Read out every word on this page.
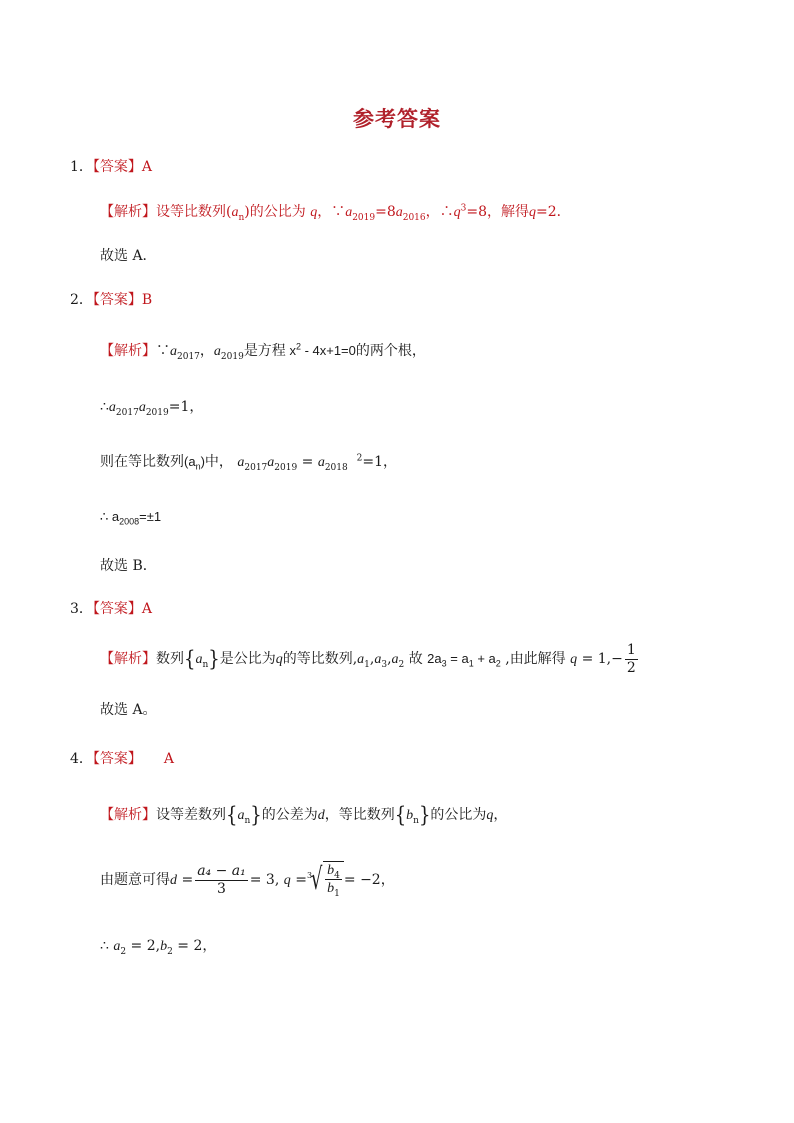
参考答案
1．【答案】A
【解析】设等比数列$(a_n)$的公比为 q，$\because a_{2019}=8a_{2016}$，$\therefore q^3=8$，解得q=2．
故选 A．
2．【答案】B
【解析】$\because a_{2017}$，$a_{2019}$是方程 $x^2 - 4x+1=0$的两个根，
$\therefore a_{2017}a_{2019}=1$，
则在等比数列$(a_n)$中， $a_{2017}a_{2019} = a_{2018}$  $^2$=1，
∴ $a_{2008}=\pm 1$
故选 B．
3．【答案】A
【解析】数列$\{a_n\}$是公比为q的等比数列$,a_1,a_3,a_2$ 故 $2a_3 = a_1 + a_2$ ,由此解得 $q = 1,- \frac{1}{2}$
故选 A。
4．【答案】 A
【解析】设等差数列$\{a_n\}$的公差为d，等比数列$\{b_n\}$的公比为q，
由题意可得$d = \frac{\text{a₄ − a₁}}{3} = 3$, q = 3
√ $\frac{b_4}{b_1} = -2$，
∴ $a_2 = 2,b_2 = 2$，
